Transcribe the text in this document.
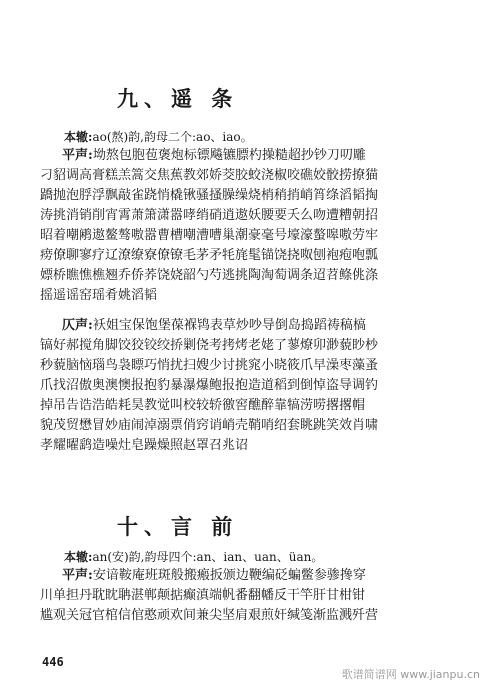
九、遥 条
本辙:ao(熬)韵,韵母二个:ao、iao。
平声:坳熬包胞苞褒炮标镖飚镳膘杓操糙超抄钞刀叨雕
刁貂调高膏糕羔篙交焦蕉教郊娇茭胶蛟浇椒咬礁姣骹捞撩猫
蹻抛泡脬浮飘敲雀跷悄橇锹骚搔臊缲烧梢稍捎峭筲绦滔韬掏
涛挑消销削宵霄萧箫潇嚣哮绡硝逍遨妖腰要夭么吻遭糟朝招
昭着嘲鹇遨鳌骜嗷嚣曹槽嘲漕嘈巢潮豪毫号壕濠螯嗥嗷劳牢
痨僚聊寥疗辽潦缭寮僚镣毛茅矛牦旄髦锚饶挠呶刨袍疱咆瓢
嫖桥瞧憔樵翘乔侨荞饶娆韶勺芍逃挑陶淘萄调条迢苕鲦佻涤
摇遥谣窑瑶肴姚滔韬
仄声:袄姐宝保饱堡葆褓鸨表草炒吵导倒岛捣蹈祷稿槁
镐好郝搅角脚饺狡铰绞挢剿侥考拷烤老姥了蓼燎卯渺藐眇杪
秒藐脑恼瑙鸟袅瞟巧悄扰扫嫂少讨挑窕小晓筱爪早澡枣藻蚤
爪找沼傲奥澳懊报抱豹暴瀑爆鲍报抱造道稻到倒悼盗导调钓
掉吊告诰浩皓耗昊教觉叫校较轿徼窖醮醉靠犒涝唠撂撂帽
貌茂贸懋冒妙庙闹淖溺票俏窍诮峭壳鞘哨绍套眺跳笑效肖啸
孝耀曜鹞造噪灶皂躁燥照赵罩召兆诏
十、言 前
本辙:an(安)韵,韵母四个:an、ian、uan、üan。
平声:安谙鞍庵班斑般搬瘢扳颁边鞭编砭蝙鳖参骖搀穿
川单担丹耽眈聃湛郸颠掂癫滇端帆番翻幡反干竿肝甘柑钳
尴观关冠官棺信倌憨顽欢间兼尖坚肩艰煎奸缄笺渐监溅歼营
446
歌谱简谱网 www.jianpu.cn
